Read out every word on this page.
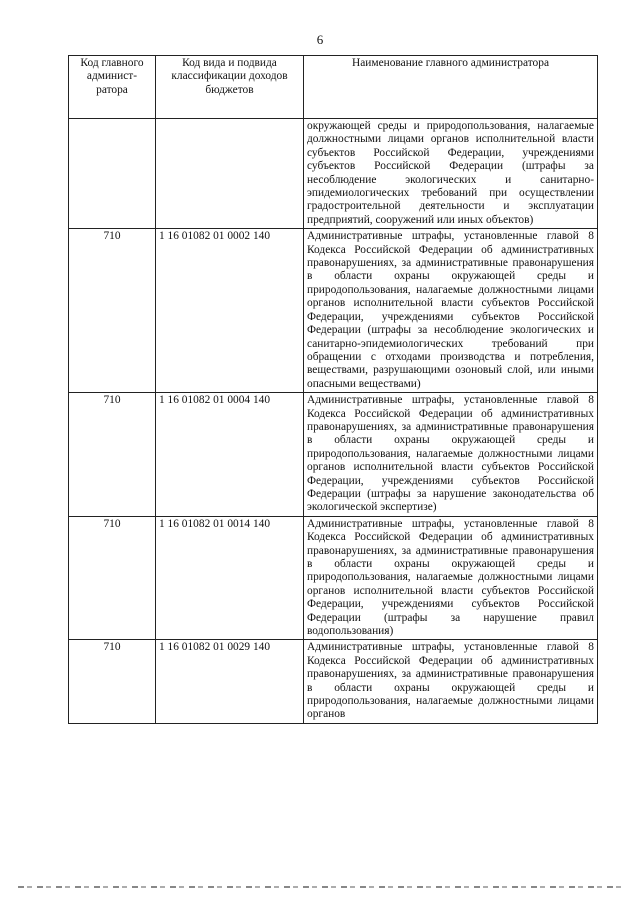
6
Код главного админист-ратора	Код вида и подвида классификации доходов бюджетов	Наименование главного администратора
		окружающей среды и природопользования, налагаемые должностными лицами органов исполнительной власти субъектов Российской Федерации, учреждениями субъектов Российской Федерации (штрафы за несоблюдение экологических и санитарно-эпидемиологических требований при осуществлении градостроительной деятельности и эксплуатации предприятий, сооружений или иных объектов)
710	1 16 01082 01 0002 140	Административные штрафы, установленные главой 8 Кодекса Российской Федерации об административных правонарушениях, за административные правонарушения в области охраны окружающей среды и природопользования, налагаемые должностными лицами органов исполнительной власти субъектов Российской Федерации, учреждениями субъектов Российской Федерации (штрафы за несоблюдение экологических и санитарно-эпидемиологических требований при обращении с отходами производства и потребления, веществами, разрушающими озоновый слой, или иными опасными веществами)
710	1 16 01082 01 0004 140	Административные штрафы, установленные главой 8 Кодекса Российской Федерации об административных правонарушениях, за административные правонарушения в области охраны окружающей среды и природопользования, налагаемые должностными лицами органов исполнительной власти субъектов Российской Федерации, учреждениями субъектов Российской Федерации (штрафы за нарушение законодательства об экологической экспертизе)
710	1 16 01082 01 0014 140	Административные штрафы, установленные главой 8 Кодекса Российской Федерации об административных правонарушениях, за административные правонарушения в области охраны окружающей среды и природопользования, налагаемые должностными лицами органов исполнительной власти субъектов Российской Федерации, учреждениями субъектов Российской Федерации (штрафы за нарушение правил водопользования)
710	1 16 01082 01 0029 140	Административные штрафы, установленные главой 8 Кодекса Российской Федерации об административных правонарушениях, за административные правонарушения в области охраны окружающей среды и природопользования, налагаемые должностными лицами органов
